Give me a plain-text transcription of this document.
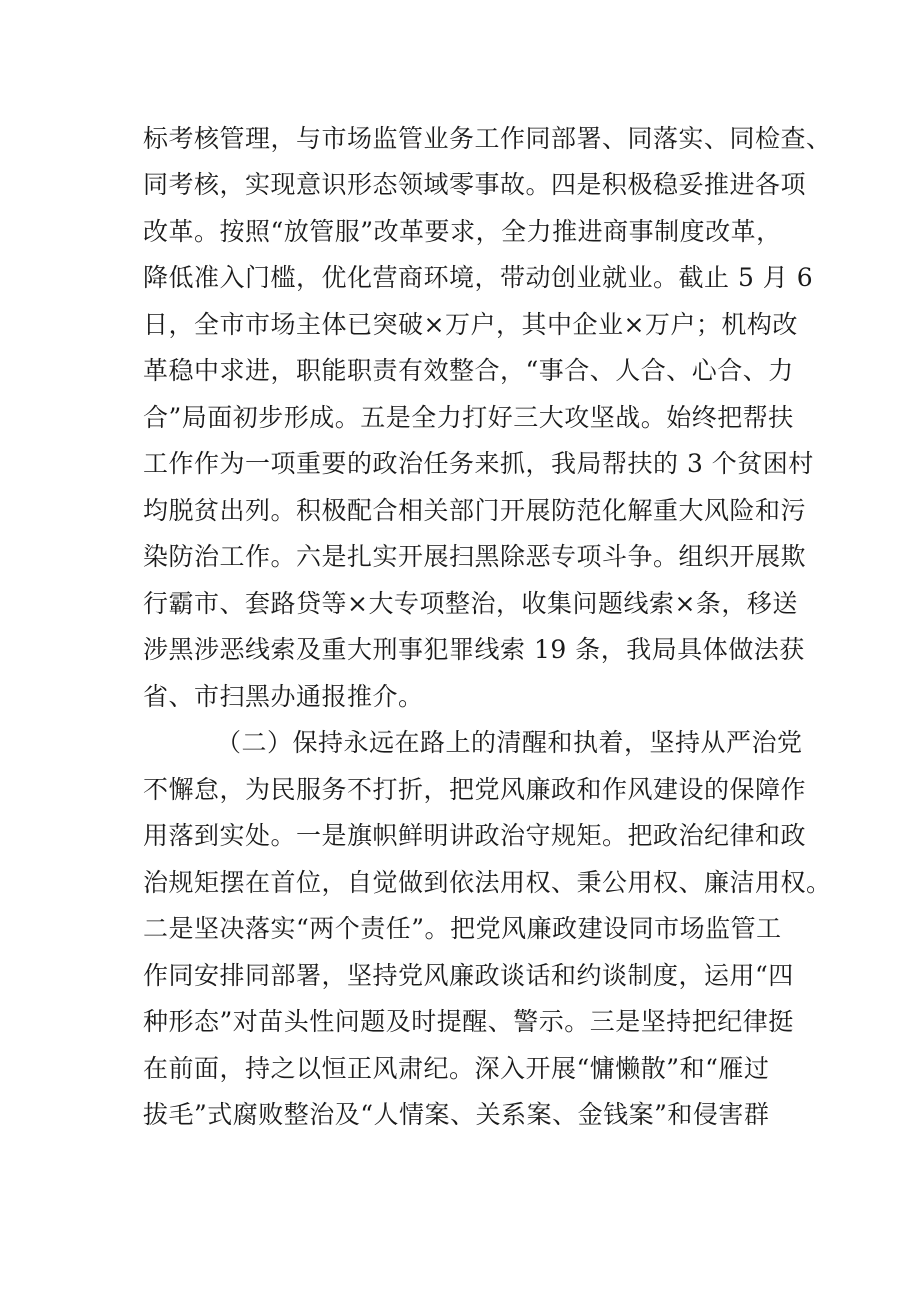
标考核管理，与市场监管业务工作同部署、同落实、同检查、
同考核，实现意识形态领域零事故。四是积极稳妥推进各项
改革。按照“放管服”改革要求，全力推进商事制度改革，
降低准入门槛，优化营商环境，带动创业就业。截止 5 月 6
日，全市市场主体已突破×万户，其中企业×万户；机构改
革稳中求进，职能职责有效整合，“事合、人合、心合、力
合”局面初步形成。五是全力打好三大攻坚战。始终把帮扶
工作作为一项重要的政治任务来抓，我局帮扶的 3 个贫困村
均脱贫出列。积极配合相关部门开展防范化解重大风险和污
染防治工作。六是扎实开展扫黑除恶专项斗争。组织开展欺
行霸市、套路贷等×大专项整治，收集问题线索×条，移送
涉黑涉恶线索及重大刑事犯罪线索 19 条，我局具体做法获
省、市扫黑办通报推介。
（二）保持永远在路上的清醒和执着，坚持从严治党
不懈怠，为民服务不打折，把党风廉政和作风建设的保障作
用落到实处。一是旗帜鲜明讲政治守规矩。把政治纪律和政
治规矩摆在首位，自觉做到依法用权、秉公用权、廉洁用权。
二是坚决落实“两个责任”。把党风廉政建设同市场监管工
作同安排同部署，坚持党风廉政谈话和约谈制度，运用“四
种形态”对苗头性问题及时提醒、警示。三是坚持把纪律挺
在前面，持之以恒正风肃纪。深入开展“慵懒散”和“雁过
拔毛”式腐败整治及“人情案、关系案、金钱案”和侵害群
